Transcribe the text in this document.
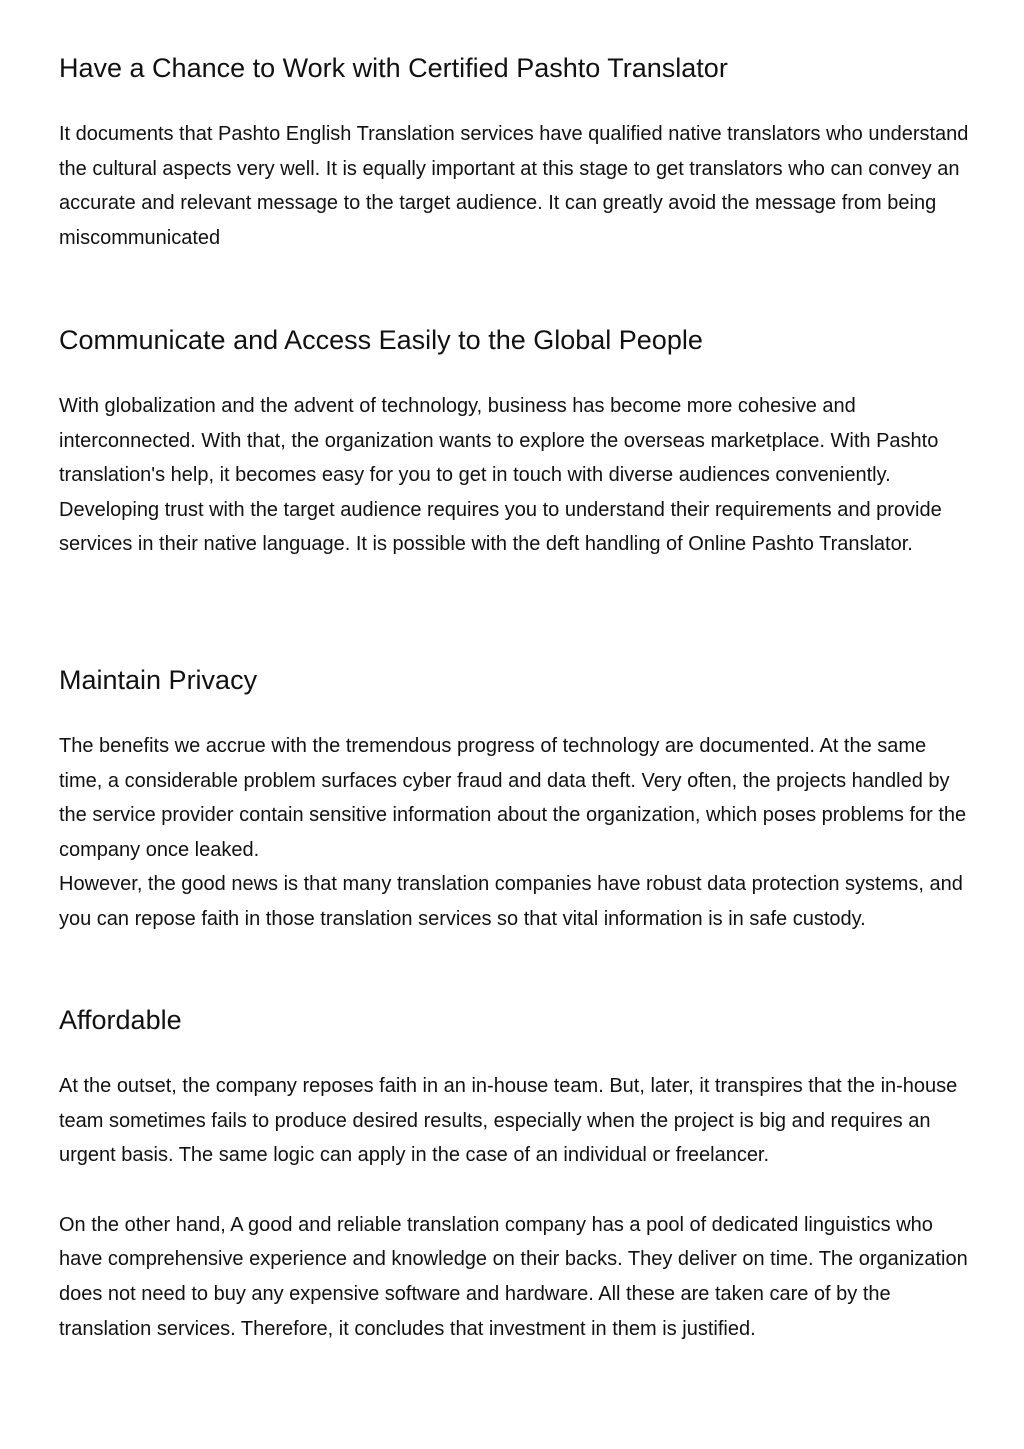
Have a Chance to Work with Certified Pashto Translator

It documents that Pashto English Translation services have qualified native translators who understand the cultural aspects very well. It is equally important at this stage to get translators who can convey an accurate and relevant message to the target audience. It can greatly avoid the message from being miscommunicated

Communicate and Access Easily to the Global People

With globalization and the advent of technology, business has become more cohesive and interconnected. With that, the organization wants to explore the overseas marketplace. With Pashto translation's help, it becomes easy for you to get in touch with diverse audiences conveniently.

Developing trust with the target audience requires you to understand their requirements and provide services in their native language. It is possible with the deft handling of Online Pashto Translator.

Maintain Privacy

The benefits we accrue with the tremendous progress of technology are documented. At the same time, a considerable problem surfaces cyber fraud and data theft. Very often, the projects handled by the service provider contain sensitive information about the organization, which poses problems for the company once leaked.

However, the good news is that many translation companies have robust data protection systems, and you can repose faith in those translation services so that vital information is in safe custody.

Affordable

At the outset, the company reposes faith in an in-house team. But, later, it transpires that the in-house team sometimes fails to produce desired results, especially when the project is big and requires an urgent basis. The same logic can apply in the case of an individual or freelancer.

On the other hand, A good and reliable translation company has a pool of dedicated linguistics who have comprehensive experience and knowledge on their backs. They deliver on time. The organization does not need to buy any expensive software and hardware. All these are taken care of by the translation services. Therefore, it concludes that investment in them is justified.
